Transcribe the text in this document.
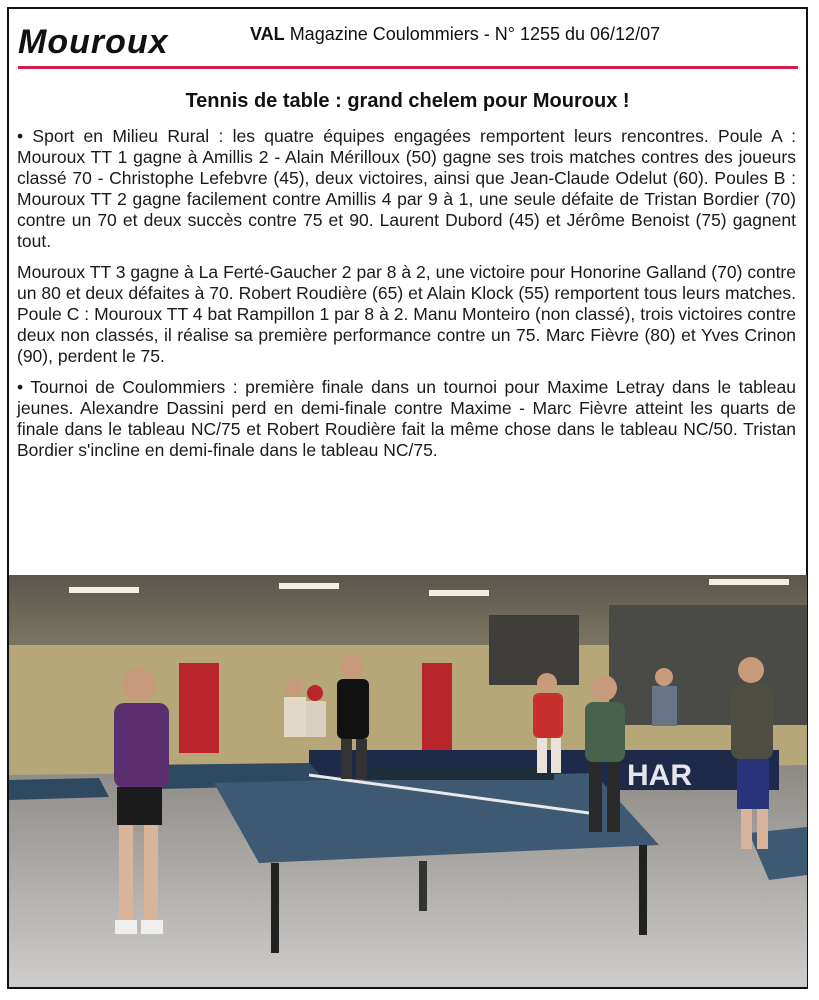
Mouroux	VAL Magazine Coulommiers - N° 1255 du 06/12/07
Tennis de table : grand chelem pour Mouroux !

• Sport en Milieu Rural : les quatre équipes engagées remportent leurs rencontres. Poule A : Mouroux TT 1 gagne à Amillis 2 - Alain Mérilloux (50) gagne ses trois matches contres des joueurs classé 70 - Christophe Lefebvre (45), deux victoires, ainsi que Jean-Claude Odelut (60). Poules B : Mouroux TT 2 gagne facilement contre Amillis 4 par 9 à 1, une seule défaite de Tristan Bordier (70) contre un 70 et deux succès contre 75 et 90. Laurent Dubord (45) et Jérôme Benoist (75) gagnent tout.

Mouroux TT 3 gagne à La Ferté-Gaucher 2 par 8 à 2, une victoire pour Honorine Galland (70) contre un 80 et deux défaites à 70. Robert Roudière (65) et Alain Klock (55) remportent tous leurs matches. Poule C : Mouroux TT 4 bat Rampillon 1 par 8 à 2. Manu Monteiro (non classé), trois victoires contre deux non classés, il réalise sa première performance contre un 75. Marc Fièvre (80) et Yves Crinon (90), perdent le 75.

• Tournoi de Coulommiers : première finale dans un tournoi pour Maxime Letray dans le tableau jeunes. Alexandre Dassini perd en demi-finale contre Maxime - Marc Fièvre atteint les quarts de finale dans le tableau NC/75 et Robert Roudière fait la même chose dans le tableau NC/50. Tristan Bordier s'incline en demi-finale dans le tableau NC/75.

HAR
